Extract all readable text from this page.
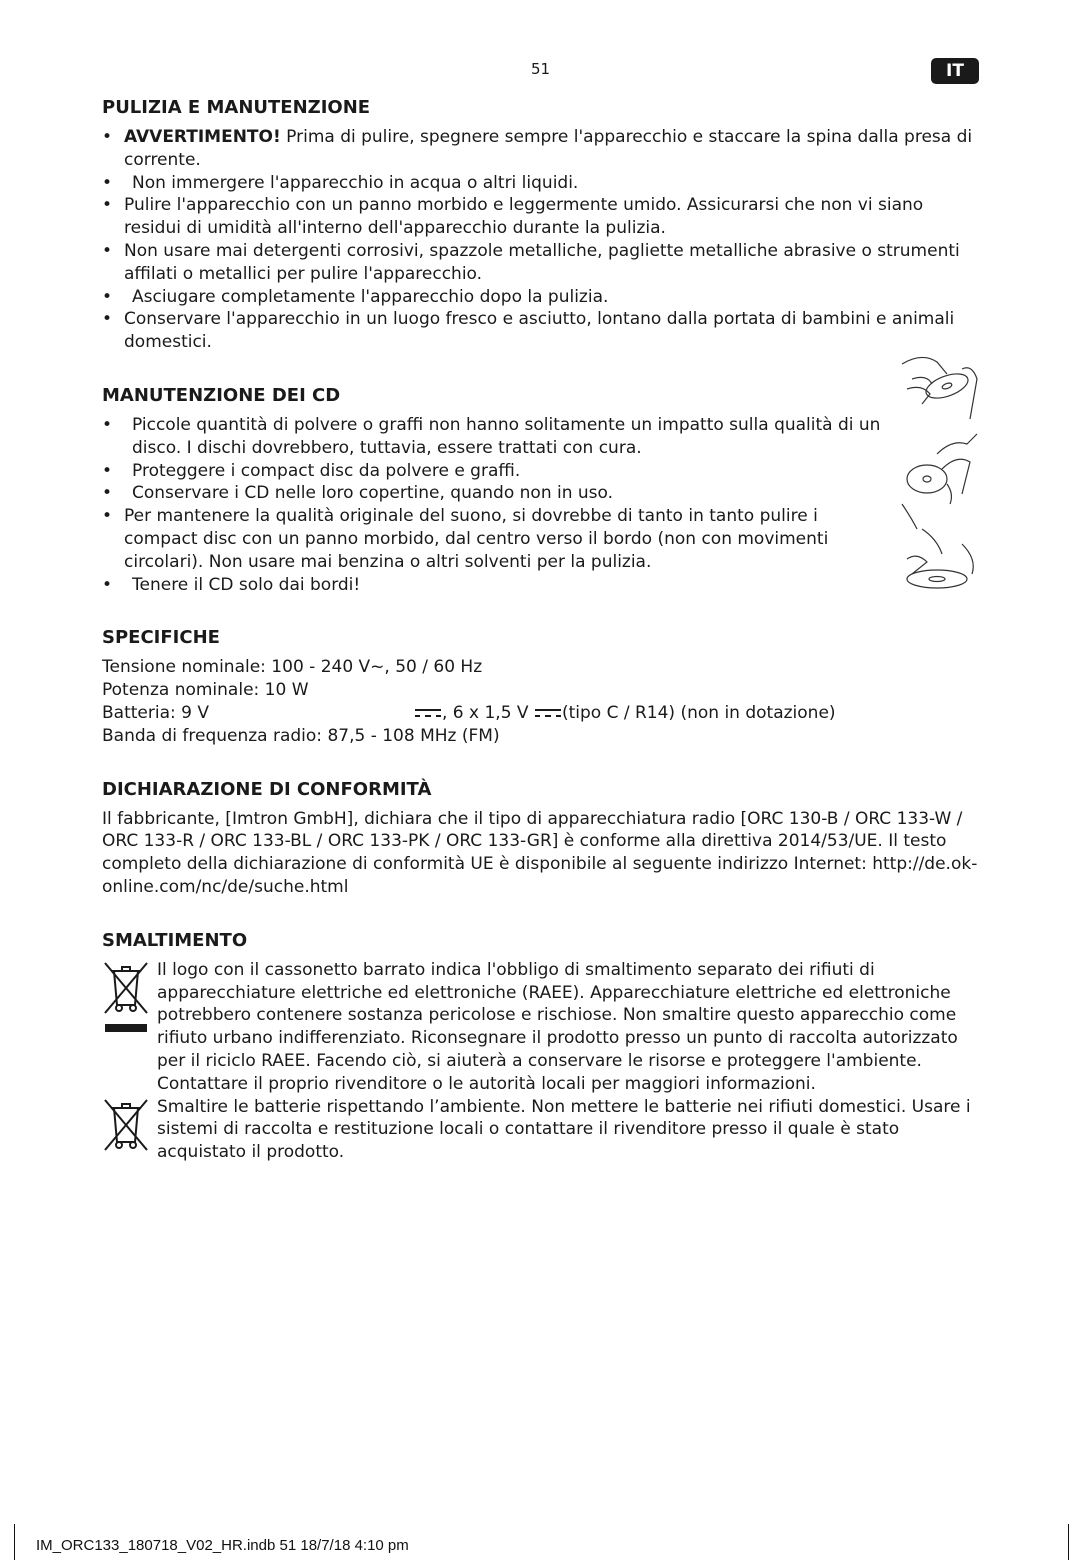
51	IT
PULIZIA E MANUTENZIONE
• AVVERTIMENTO! Prima di pulire, spegnere sempre l'apparecchio e staccare la spina dalla presa di corrente.
• Non immergere l'apparecchio in acqua o altri liquidi.
• Pulire l'apparecchio con un panno morbido e leggermente umido. Assicurarsi che non vi siano residui di umidità all'interno dell'apparecchio durante la pulizia.
• Non usare mai detergenti corrosivi, spazzole metalliche, pagliette metalliche abrasive o strumenti affilati o metallici per pulire l'apparecchio.
• Asciugare completamente l'apparecchio dopo la pulizia.
• Conservare l'apparecchio in un luogo fresco e asciutto, lontano dalla portata di bambini e animali domestici.
MANUTENZIONE DEI CD
• Piccole quantità di polvere o graffi non hanno solitamente un impatto sulla qualità di un disco. I dischi dovrebbero, tuttavia, essere trattati con cura.
• Proteggere i compact disc da polvere e graffi.
• Conservare i CD nelle loro copertine, quando non in uso.
• Per mantenere la qualità originale del suono, si dovrebbe di tanto in tanto pulire i compact disc con un panno morbido, dal centro verso il bordo (non con movimenti circolari). Non usare mai benzina o altri solventi per la pulizia.
• Tenere il CD solo dai bordi!
SPECIFICHE
Tensione nominale: 100 - 240 V~, 50 / 60 Hz
Potenza nominale: 10 W
Batteria: 9 V	, 6 x 1,5 V (tipo C / R14) (non in dotazione)
Banda di frequenza radio: 87,5 - 108 MHz (FM)
DICHIARAZIONE DI CONFORMITÀ

Il fabbricante, [Imtron GmbH], dichiara che il tipo di apparecchiatura radio [ORC 130-B / ORC 133-W / ORC 133-R / ORC 133-BL / ORC 133-PK / ORC 133-GR] è conforme alla direttiva 2014/53/UE. Il testo completo della dichiarazione di conformità UE è disponibile al seguente indirizzo Internet: http://de.ok-online.com/nc/de/suche.html

SMALTIMENTO

Il logo con il cassonetto barrato indica l'obbligo di smaltimento separato dei rifiuti di apparecchiature elettriche ed elettroniche (RAEE). Apparecchiature elettriche ed elettroniche potrebbero contenere sostanza pericolose e rischiose. Non smaltire questo apparecchio come rifiuto urbano indifferenziato. Riconsegnare il prodotto presso un punto di raccolta autorizzato per il riciclo RAEE. Facendo ciò, si aiuterà a conservare le risorse e proteggere l'ambiente. Contattare il proprio rivenditore o le autorità locali per maggiori informazioni.

Smaltire le batterie rispettando l’ambiente. Non mettere le batterie nei rifiuti domestici. Usare i sistemi di raccolta e restituzione locali o contattare il rivenditore presso il quale è stato acquistato il prodotto.

IM_ORC133_180718_V02_HR.indb 51 18/7/18 4:10 pm
